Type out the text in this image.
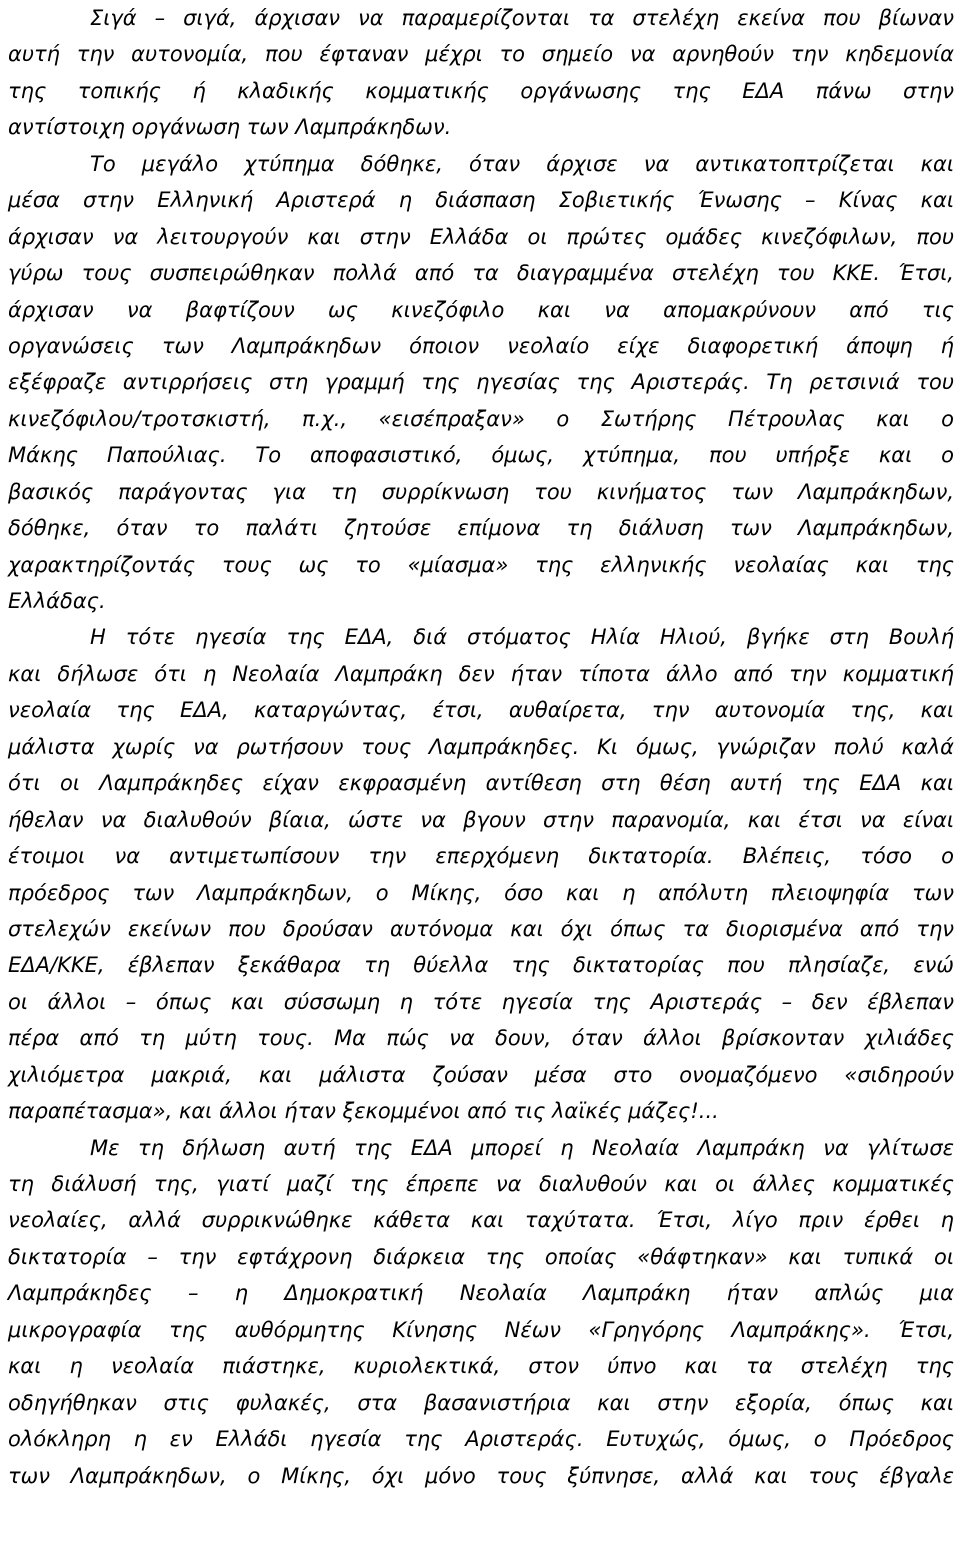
Σιγά – σιγά, άρχισαν να παραμερίζονται τα στελέχη εκείνα που βίωναν
αυτή την αυτονομία, που έφταναν μέχρι το σημείο να αρνηθούν την κηδεμονία
της τοπικής ή κλαδικής κομματικής οργάνωσης της ΕΔΑ πάνω στην
αντίστοιχη οργάνωση των Λαμπράκηδων.
Το μεγάλο χτύπημα δόθηκε, όταν άρχισε να αντικατοπτρίζεται και
μέσα στην Ελληνική Αριστερά η διάσπαση Σοβιετικής Ένωσης – Κίνας και
άρχισαν να λειτουργούν και στην Ελλάδα οι πρώτες ομάδες κινεζόφιλων, που
γύρω τους συσπειρώθηκαν πολλά από τα διαγραμμένα στελέχη του ΚΚΕ. Έτσι,
άρχισαν να βαφτίζουν ως κινεζόφιλο και να απομακρύνουν από τις
οργανώσεις των Λαμπράκηδων όποιον νεολαίο είχε διαφορετική άποψη ή
εξέφραζε αντιρρήσεις στη γραμμή της ηγεσίας της Αριστεράς. Τη ρετσινιά του
κινεζόφιλου/τροτσκιστή, π.χ., «εισέπραξαν» ο Σωτήρης Πέτρουλας και ο
Μάκης Παπούλιας. Το αποφασιστικό, όμως, χτύπημα, που υπήρξε και ο
βασικός παράγοντας για τη συρρίκνωση του κινήματος των Λαμπράκηδων,
δόθηκε, όταν το παλάτι ζητούσε επίμονα τη διάλυση των Λαμπράκηδων,
χαρακτηρίζοντάς τους ως το «μίασμα» της ελληνικής νεολαίας και της
Ελλάδας.
Η τότε ηγεσία της ΕΔΑ, διά στόματος Ηλία Ηλιού, βγήκε στη Βουλή
και δήλωσε ότι η Νεολαία Λαμπράκη δεν ήταν τίποτα άλλο από την κομματική
νεολαία της ΕΔΑ, καταργώντας, έτσι, αυθαίρετα, την αυτονομία της, και
μάλιστα χωρίς να ρωτήσουν τους Λαμπράκηδες. Κι όμως, γνώριζαν πολύ καλά
ότι οι Λαμπράκηδες είχαν εκφρασμένη αντίθεση στη θέση αυτή της ΕΔΑ και
ήθελαν να διαλυθούν βίαια, ώστε να βγουν στην παρανομία, και έτσι να είναι
έτοιμοι να αντιμετωπίσουν την επερχόμενη δικτατορία. Βλέπεις, τόσο ο
πρόεδρος των Λαμπράκηδων, ο Μίκης, όσο και η απόλυτη πλειοψηφία των
στελεχών εκείνων που δρούσαν αυτόνομα και όχι όπως τα διορισμένα από την
ΕΔΑ/ΚΚΕ, έβλεπαν ξεκάθαρα τη θύελλα της δικτατορίας που πλησίαζε, ενώ
οι άλλοι – όπως και σύσσωμη η τότε ηγεσία της Αριστεράς – δεν έβλεπαν
πέρα από τη μύτη τους. Μα πώς να δουν, όταν άλλοι βρίσκονταν χιλιάδες
χιλιόμετρα μακριά, και μάλιστα ζούσαν μέσα στο ονομαζόμενο «σιδηρούν
παραπέτασμα», και άλλοι ήταν ξεκομμένοι από τις λαϊκές μάζες!...
Με τη δήλωση αυτή της ΕΔΑ μπορεί η Νεολαία Λαμπράκη να γλίτωσε
τη διάλυσή της, γιατί μαζί της έπρεπε να διαλυθούν και οι άλλες κομματικές
νεολαίες, αλλά συρρικνώθηκε κάθετα και ταχύτατα. Έτσι, λίγο πριν έρθει η
δικτατορία – την εφτάχρονη διάρκεια της οποίας «θάφτηκαν» και τυπικά οι
Λαμπράκηδες – η Δημοκρατική Νεολαία Λαμπράκη ήταν απλώς μια
μικρογραφία της αυθόρμητης Κίνησης Νέων «Γρηγόρης Λαμπράκης». Έτσι,
και η νεολαία πιάστηκε, κυριολεκτικά, στον ύπνο και τα στελέχη της
οδηγήθηκαν στις φυλακές, στα βασανιστήρια και στην εξορία, όπως και
ολόκληρη η εν Ελλάδι ηγεσία της Αριστεράς. Ευτυχώς, όμως, ο Πρόεδρος
των Λαμπράκηδων, ο Μίκης, όχι μόνο τους ξύπνησε, αλλά και τους έβγαλε
